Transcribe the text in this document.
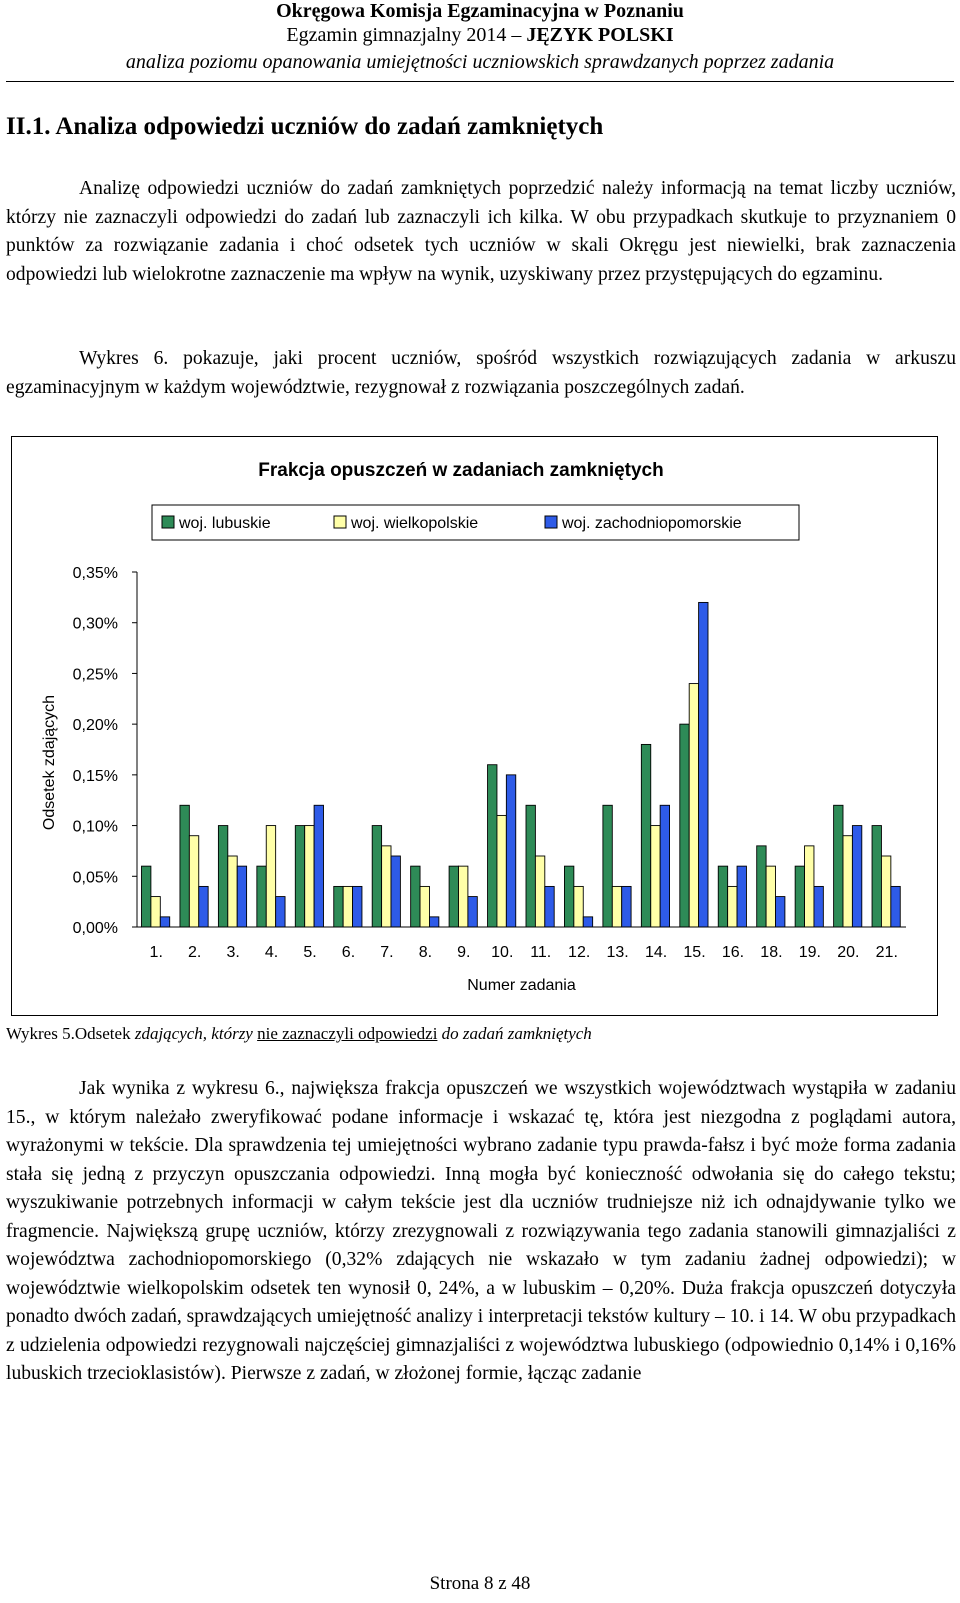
Okręgowa Komisja Egzaminacyjna w Poznaniu
Egzamin gimnazjalny 2014 – JĘZYK POLSKI
analiza poziomu opanowania umiejętności uczniowskich sprawdzanych poprzez zadania
II.1. Analiza odpowiedzi uczniów do zadań zamkniętych

Analizę odpowiedzi uczniów do zadań zamkniętych poprzedzić należy informacją na temat liczby uczniów, którzy nie zaznaczyli odpowiedzi do zadań lub zaznaczyli ich kilka. W obu przypadkach skutkuje to przyznaniem 0 punktów za rozwiązanie zadania i choć odsetek tych uczniów w skali Okręgu jest niewielki, brak zaznaczenia odpowiedzi lub wielokrotne zaznaczenie ma wpływ na wynik, uzyskiwany przez przystępujących do egzaminu.

Wykres 6. pokazuje, jaki procent uczniów, spośród wszystkich rozwiązujących zadania w arkuszu egzaminacyjnym w każdym województwie, rezygnował z rozwiązania poszczególnych zadań.

Frakcja opuszczeń w zadaniach zamkniętych
woj. lubuskie	woj. wielkopolskie	woj. zachodniopomorskie
0,00%
0,05%
0,10%
0,15%
0,20%
0,25%
0,30%
0,35%
Odsetek zdających
1. 2. 3. 4. 5. 6. 7. 8. 9. 10. 11. 12. 13. 14. 15. 16. 18. 19. 20. 21.
Numer zadania
Wykres 5.Odsetek zdających, którzy nie zaznaczyli odpowiedzi do zadań zamkniętych

Jak wynika z wykresu 6., największa frakcja opuszczeń we wszystkich województwach wystąpiła w zadaniu 15., w którym należało zweryfikować podane informacje i wskazać tę, która jest niezgodna z poglądami autora, wyrażonymi w tekście. Dla sprawdzenia tej umiejętności wybrano zadanie typu prawda-fałsz i być może forma zadania stała się jedną z przyczyn opuszczania odpowiedzi. Inną mogła być konieczność odwołania się do całego tekstu; wyszukiwanie potrzebnych informacji w całym tekście jest dla uczniów trudniejsze niż ich odnajdywanie tylko we fragmencie. Największą grupę uczniów, którzy zrezygnowali z rozwiązywania tego zadania stanowili gimnazjaliści z województwa zachodniopomorskiego (0,32% zdających nie wskazało w tym zadaniu żadnej odpowiedzi); w województwie wielkopolskim odsetek ten wynosił 0, 24%, a w lubuskim – 0,20%. Duża frakcja opuszczeń dotyczyła ponadto dwóch zadań, sprawdzających umiejętność analizy i interpretacji tekstów kultury – 10. i 14. W obu przypadkach z udzielenia odpowiedzi rezygnowali najczęściej gimnazjaliści z województwa lubuskiego (odpowiednio 0,14% i 0,16% lubuskich trzecioklasistów). Pierwsze z zadań, w złożonej formie, łącząc zadanie

Strona 8 z 48
